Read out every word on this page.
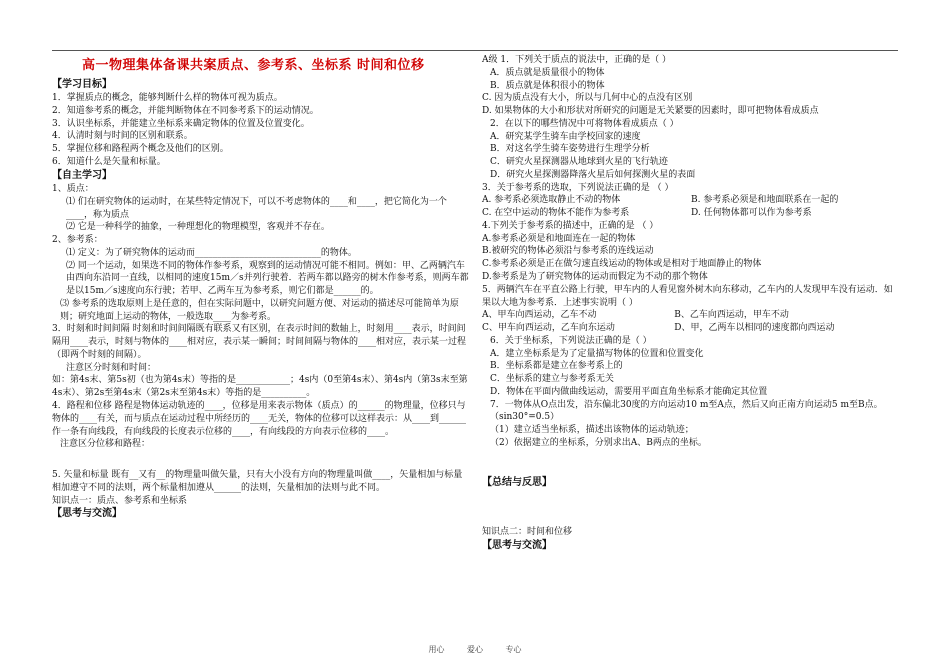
高一物理集体备课共案质点、参考系、坐标系 时间和位移

【学习目标】

1．掌握质点的概念，能够判断什么样的物体可视为质点。

2．知道参考系的概念，并能判断物体在不同参考系下的运动情况。

3．认识坐标系，并能建立坐标系来确定物体的位置及位置变化。

4．认清时刻与时间的区别和联系。

5．掌握位移和路程两个概念及他们的区别。

6．知道什么是矢量和标量。

【自主学习】

1、质点：

⑴ 们在研究物体的运动时，在某些特定情况下，可以不考虑物体的____和____，把它简化为一个____，称为质点

⑵ 它是一种科学的抽象，一种理想化的物理模型，客观并不存在。

2、参考系：

⑴ 定义：为了研究物体的运动而____________________________的物体。

⑵ 同一个运动，如果选不同的物体作参考系，观察到的运动情况可能不相同。例如：甲、乙两辆汽车由西向东沿同一直线，以相同的速度15m／s并列行驶着．若两车都以路旁的树木作参考系，则两车都是以15m／s速度向东行驶；若甲、乙两车互为参考系，则它们都是______的。

⑶ 参考系的选取原则上是任意的，但在实际问题中，以研究问题方便、对运动的描述尽可能简单为原则；研究地面上运动的物体，一般选取____为参考系。

3．时刻和时间间隔 时刻和时间间隔既有联系又有区别，在表示时间的数轴上，时刻用____表示，时间间隔用____表示，时刻与物体的____相对应，表示某一瞬间；时间间隔与物体的____相对应，表示某一过程（即两个时刻的间隔）。

注意区分时刻和时间：

如：第4s末、第5s初（也为第4s末）等指的是____________；4s内（0至第4s末）、第4s内（第3s末至第4s末）、第2s至第4s末（第2s末至第4s末）等指的是__________。

4．路程和位移 路程是物体运动轨迹的____，位移是用来表示物体（质点）的______的物理量，位移只与物体的____有关，而与质点在运动过程中所经历的____无关，物体的位移可以这样表示：从____到______作一条有向线段，有向线段的长度表示位移的____，有向线段的方向表示位移的____。

注意区分位移和路程：

5. 矢量和标量 既有__又有__的物理量叫做矢量，只有大小没有方向的物理量叫做____，矢量相加与标量相加遵守不同的法则，两个标量相加遵从______的法则，矢量相加的法则与此不同。

知识点一：质点、参考系和坐标系

【思考与交流】

A级 1．下列关于质点的说法中，正确的是（ ）

A．质点就是质量很小的物体

B．质点就是体积很小的物体

C. 因为质点没有大小，所以与几何中心的点没有区别

D. 如果物体的大小和形状对所研究的问题是无关紧要的因素时，即可把物体看成质点

2．在以下的哪些情况中可将物体看成质点（ ）

A．研究某学生骑车由学校回家的速度

B．对这名学生骑车姿势进行生理学分析

C．研究火星探测器从地球到火星的飞行轨迹

D．研究火星探测器降落火星后如何探测火星的表面

3．关于参考系的选取，下列说法正确的是 （ ）

A. 参考系必须选取静止不动的物体	B. 参考系必须是和地面联系在一起的

C. 在空中运动的物体不能作为参考系	D. 任何物体都可以作为参考系

4.下列关于参考系的描述中，正确的是 （ ）

A.参考系必须是和地面连在一起的物体

B.被研究的物体必须沿与参考系的连线运动

C.参考系必须是正在做匀速直线运动的物体或是相对于地面静止的物体

D.参考系是为了研究物体的运动而假定为不动的那个物体

5．两辆汽车在平直公路上行驶，甲车内的人看见窗外树木向东移动，乙车内的人发现甲车没有运动．如果以大地为参考系．上述事实说明（ ）

A、甲车向西运动，乙车不动	B、乙车向西运动，甲车不动

C、甲车向西运动，乙车向东运动	D、甲，乙两车以相同的速度都向西运动

6．关于坐标系，下列说法正确的是（ ）

A．建立坐标系是为了定量描写物体的位置和位置变化

B．坐标系都是建立在参考系上的

C．坐标系的建立与参考系无关

D．物体在平面内做曲线运动，需要用平面直角坐标系才能确定其位置

7．一物体从O点出发，沿东偏北30度的方向运动10 m至A点，然后又向正南方向运动5 m至B点。

（sin30°=0.5）

（1）建立适当坐标系，描述出该物体的运动轨迹；

（2）依据建立的坐标系，分别求出A、B两点的坐标。

【总结与反思】

知识点二：时间和位移

【思考与交流】

用心	爱心	专心
